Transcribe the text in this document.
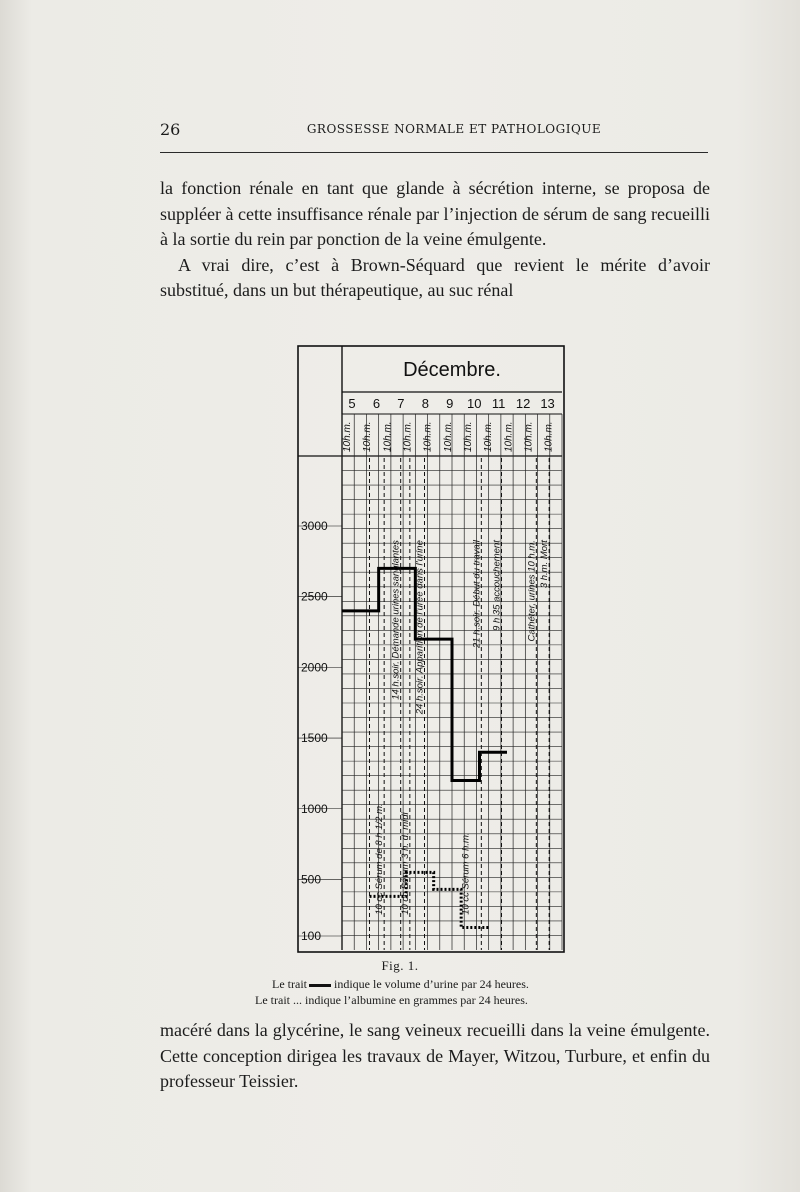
26	GROSSESSE NORMALE ET PATHOLOGIQUE

la fonction rénale en tant que glande à sécrétion interne, se proposa de suppléer à cette insuffisance rénale par l’injection de sérum de sang recueilli à la sortie du rein par ponction de la veine émulgente.

A vrai dire, c’est à Brown-Séquard que revient le mérite d’avoir substitué, dans un but thérapeutique, au suc rénal

Décembre.
5 6 7 8 9 10 11 12 13
10h.m. 10h.m. 10h.m. 10h.m. 10h.m. 10h.m. 10h.m. 10h.m. 10h.m. 10h.m. 10h.m.
3000
2500
2000
1500
1000
500
100
14 h.soir. Démande urines sanglantes 24 h.soir. Apparition de l’urée dans l’urine	21 h.soir. Début du travail 9 h 35 accouchement	Cathéter, urines 10 h.m. 3 h.m. Mort
10 cc Sérum de 8 h 1/2 m. 10 cc Sérum 3 h. d. midi	10 cc Sérum 6 h.m.
Fig. 1.
Le trait indique le volume d’urine par 24 heures.
Le trait ... indique l’albumine en grammes par 24 heures.

macéré dans la glycérine, le sang veineux recueilli dans la veine émulgente. Cette conception dirigea les travaux de Mayer, Witzou, Turbure, et enfin du professeur Teissier.
